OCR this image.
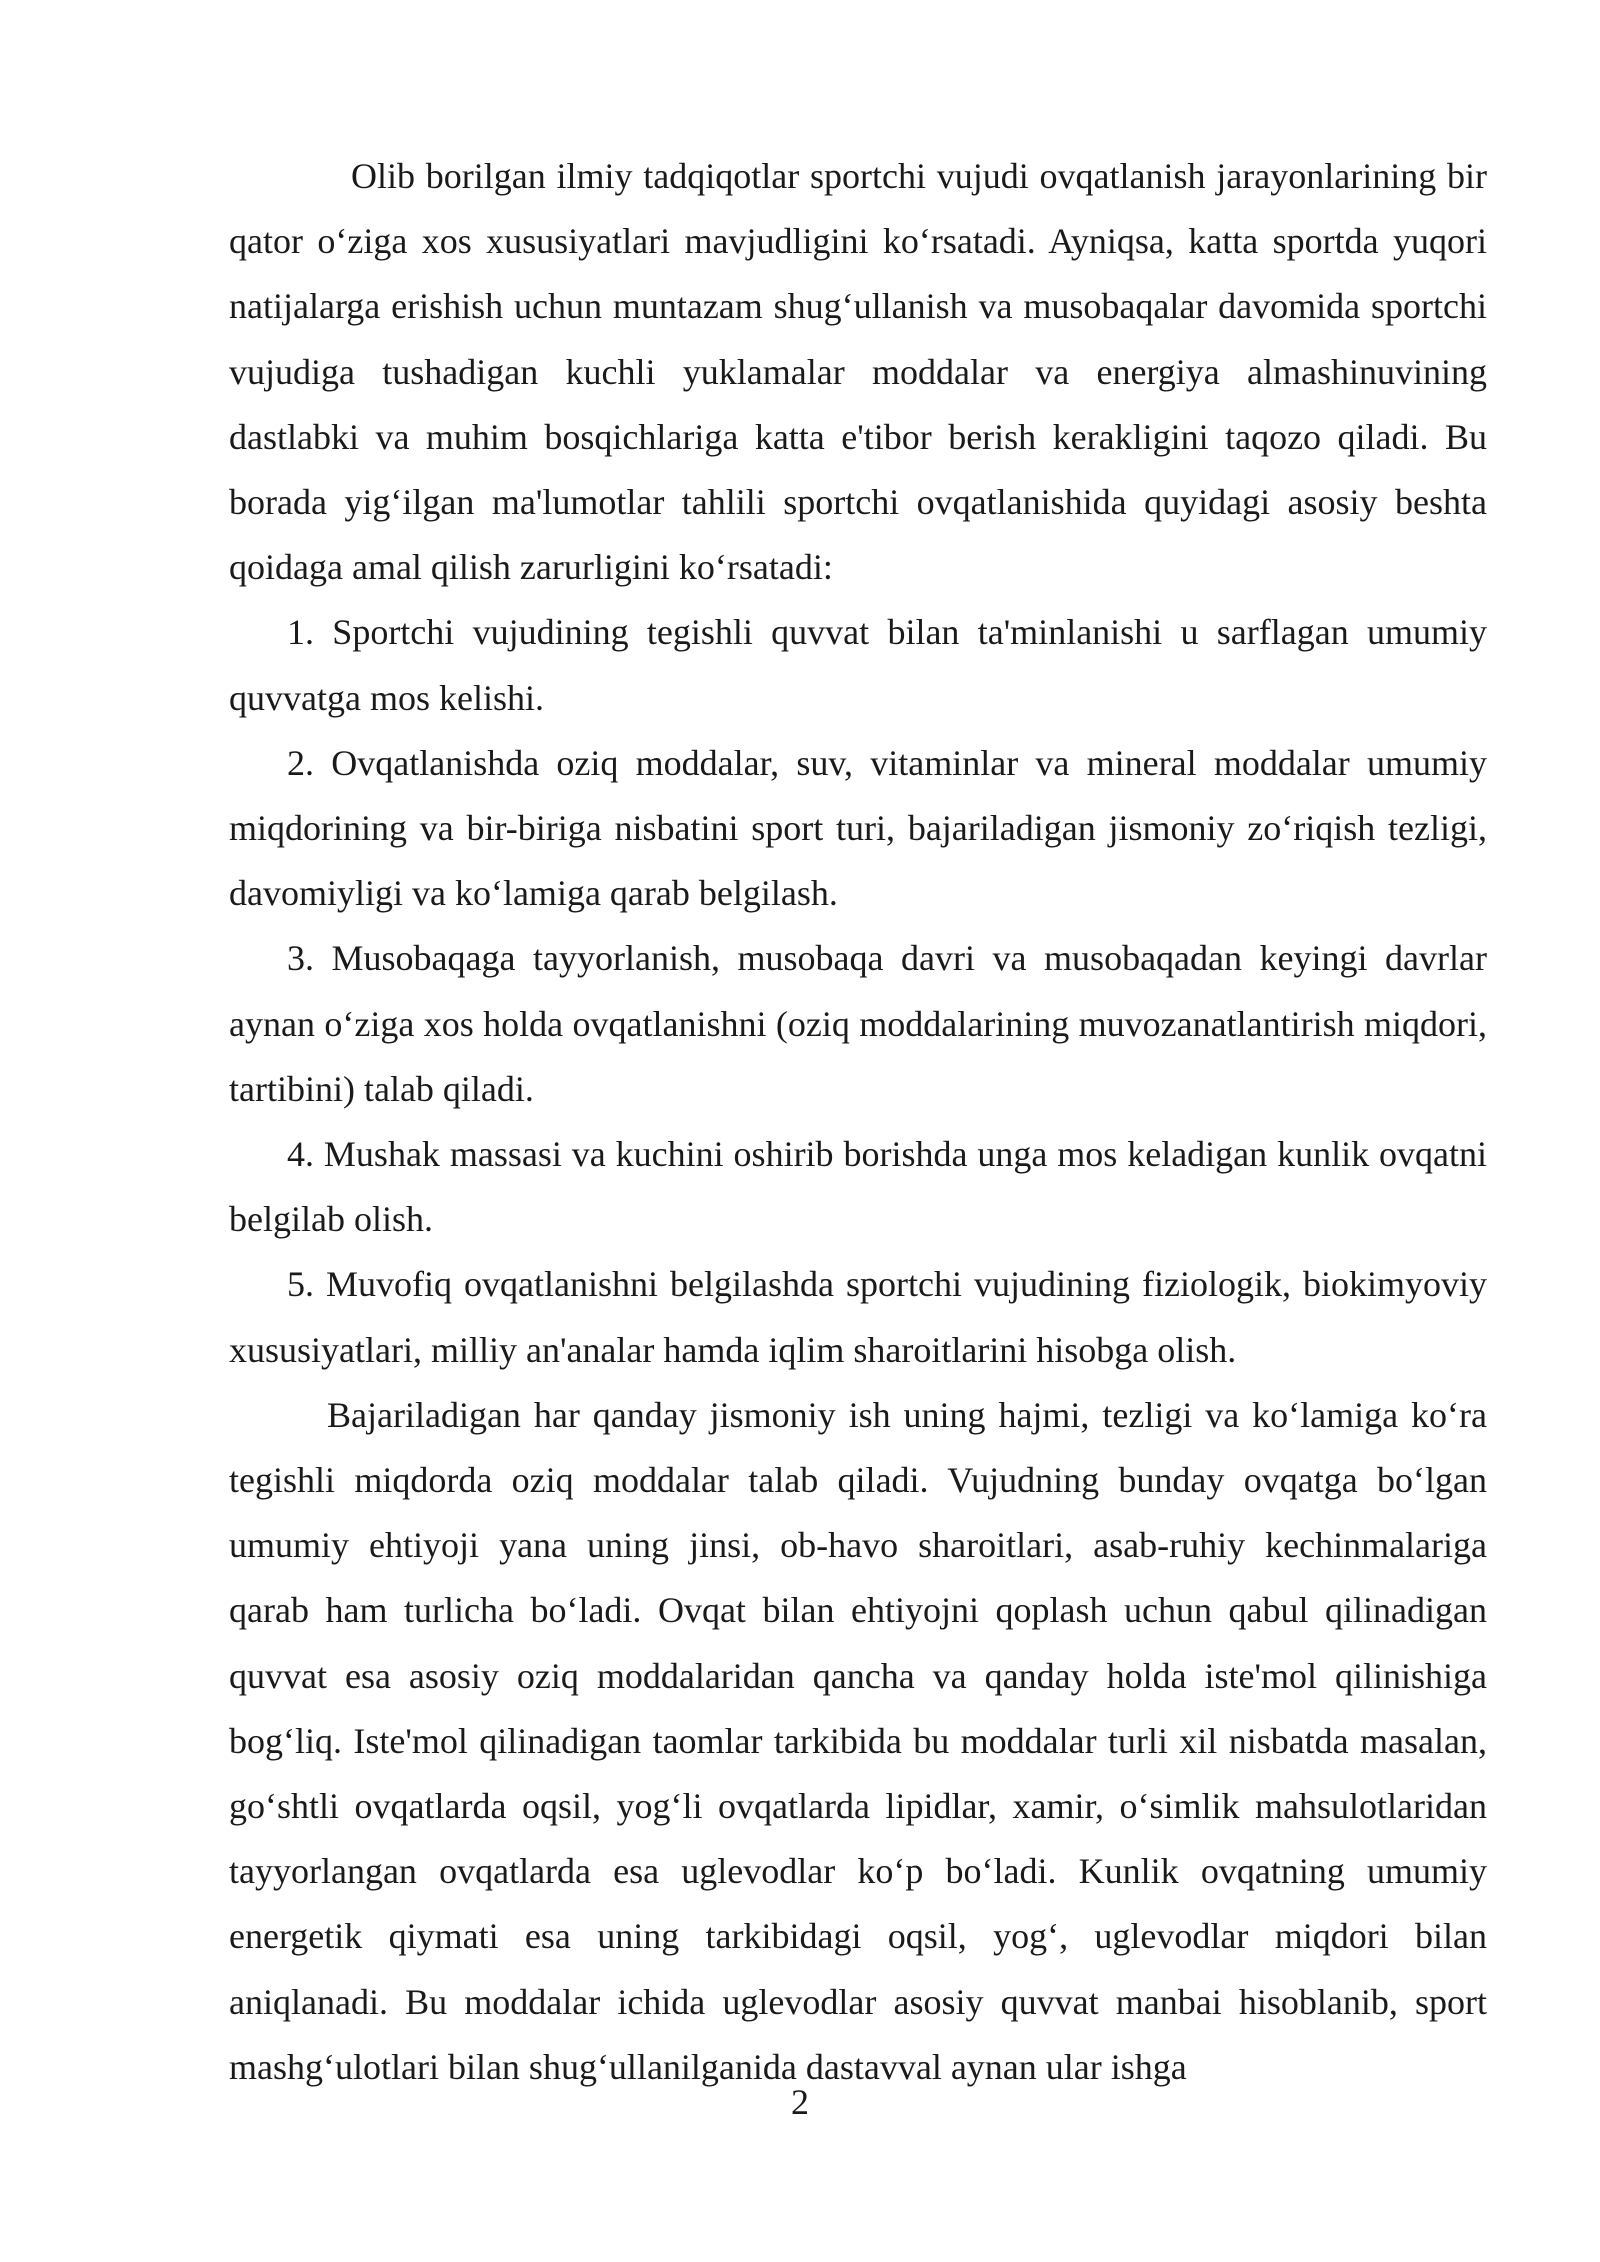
Olib borilgan ilmiy tadqiqotlar sportchi vujudi ovqatlanish jarayonlarining bir qator o‘ziga xos xususiyatlari mavjudligini ko‘rsatadi. Ayniqsa, katta sportda yuqori natijalarga erishish uchun muntazam shug‘ullanish va musobaqalar davomida sportchi vujudiga tushadigan kuchli yuklamalar moddalar va energiya almashinuvining dastlabki va muhim bosqichlariga katta e'tibor berish kerakligini taqozo qiladi. Bu borada yig‘ilgan ma'lumotlar tahlili sportchi ovqatlanishida quyidagi asosiy beshta qoidaga amal qilish zarurligini ko‘rsatadi:

1. Sportchi vujudining tegishli quvvat bilan ta'minlanishi u sarflagan umumiy quvvatga mos kelishi.

2. Ovqatlanishda oziq moddalar, suv, vitaminlar va mineral moddalar umumiy miqdorining va bir-biriga nisbatini sport turi, bajariladigan jismoniy zo‘riqish tezligi, davomiyligi va ko‘lamiga qarab belgilash.

3. Musobaqaga tayyorlanish, musobaqa davri va musobaqadan keyingi davrlar aynan o‘ziga xos holda ovqatlanishni (oziq moddalarining muvozanatlantirish miqdori, tartibini) talab qiladi.

4. Mushak massasi va kuchini oshirib borishda unga mos keladigan kunlik ovqatni belgilab olish.

5. Muvofiq ovqatlanishni belgilashda sportchi vujudining fiziologik, biokimyoviy xususiyatlari, milliy an'analar hamda iqlim sharoitlarini hisobga olish.

Bajariladigan har qanday jismoniy ish uning hajmi, tezligi va ko‘lamiga ko‘ra tegishli miqdorda oziq moddalar talab qiladi. Vujudning bunday ovqatga bo‘lgan umumiy ehtiyoji yana uning jinsi, ob-havo sharoitlari, asab-ruhiy kechinmalariga qarab ham turlicha bo‘ladi. Ovqat bilan ehtiyojni qoplash uchun qabul qilinadigan quvvat esa asosiy oziq moddalaridan qancha va qanday holda iste'mol qilinishiga bog‘liq. Iste'mol qilinadigan taomlar tarkibida bu moddalar turli xil nisbatda masalan, go‘shtli ovqatlarda oqsil, yog‘li ovqatlarda lipidlar, xamir, o‘simlik mahsulotlaridan tayyorlangan ovqatlarda esa uglevodlar ko‘p bo‘ladi. Kunlik ovqatning umumiy energetik qiymati esa uning tarkibidagi oqsil, yog‘, uglevodlar miqdori bilan aniqlanadi. Bu moddalar ichida uglevodlar asosiy quvvat manbai hisoblanib, sport mashg‘ulotlari bilan shug‘ullanilganida dastavval aynan ular ishga

2
